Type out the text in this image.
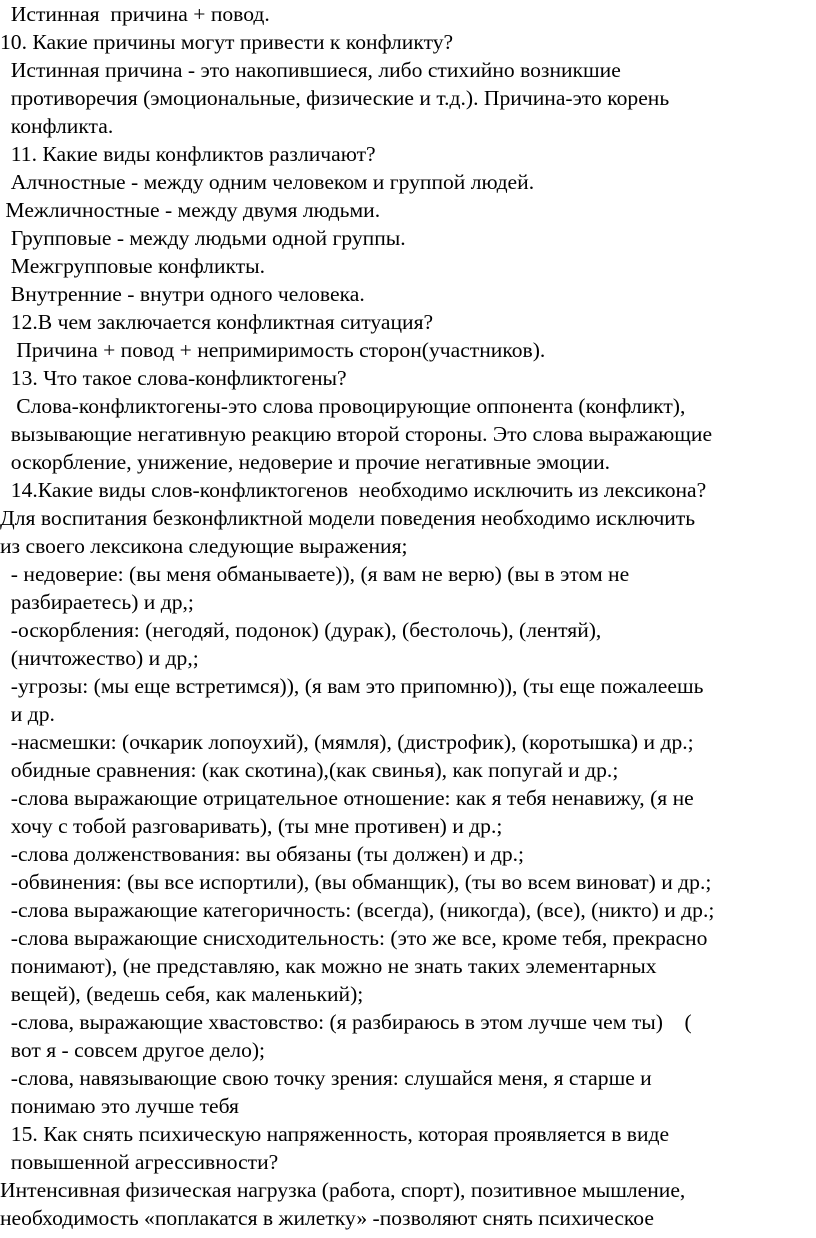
Истинная  причина + повод.
10. Какие причины могут привести к конфликту?
Истинная причина - это накопившиеся, либо стихийно возникшие
противоречия (эмоциональные, физические и т.д.). Причина-это корень
конфликта.
11. Какие виды конфликтов различают?
Алчностные - между одним человеком и группой людей.
Межличностные - между двумя людьми.
Групповые - между людьми одной группы.
Межгрупповые конфликты.
Внутренние - внутри одного человека.
12.В чем заключается конфликтная ситуация?
Причина + повод + непримиримость сторон(участников).
13. Что такое слова-конфликтогены?
Слова-конфликтогены-это слова провоцирующие оппонента (конфликт),
вызывающие негативную реакцию второй стороны. Это слова выражающие
оскорбление, унижение, недоверие и прочие негативные эмоции.
14.Какие виды слов-конфликтогенов  необходимо исключить из лексикона?
Для воспитания безконфликтной модели поведения необходимо исключить
из своего лексикона следующие выражения;
- недоверие: (вы меня обманываете)), (я вам не верю) (вы в этом не
разбираетесь) и др,;
-оскорбления: (негодяй, подонок) (дурак), (бестолочь), (лентяй),
(ничтожество) и др,;
-угрозы: (мы еще встретимся)), (я вам это припомню)), (ты еще пожалеешь
и др.
-насмешки: (очкарик лопоухий), (мямля), (дистрофик), (коротышка) и др.;
обидные сравнения: (как скотина),(как свинья), как попугай и др.;
-слова выражающие отрицательное отношение: как я тебя ненавижу, (я не
хочу с тобой разговаривать), (ты мне противен) и др.;
-слова долженствования: вы обязаны (ты должен) и др.;
-обвинения: (вы все испортили), (вы обманщик), (ты во всем виноват) и др.;
-слова выражающие категоричность: (всегда), (никогда), (все), (никто) и др.;
-слова выражающие снисходительность: (это же все, кроме тебя, прекрасно
понимают), (не представляю, как можно не знать таких элементарных
вещей), (ведешь себя, как маленький);
-слова, выражающие хвастовство: (я разбираюсь в этом лучше чем ты)    (
вот я - совсем другое дело);
-слова, навязывающие свою точку зрения: слушайся меня, я старше и
понимаю это лучше тебя
15. Как снять психическую напряженность, которая проявляется в виде
повышенной агрессивности?
Интенсивная физическая нагрузка (работа, спорт), позитивное мышление,
необходимость «поплакатся в жилетку» -позволяют снять психическое
